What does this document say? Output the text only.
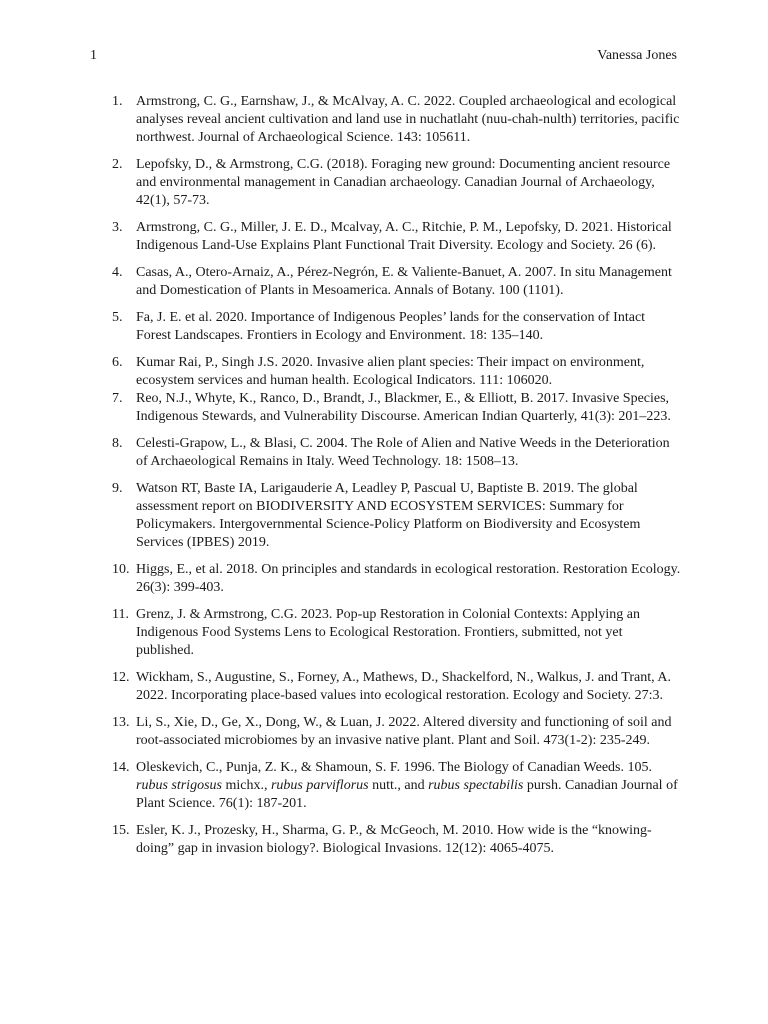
1	Vanessa Jones
1. Armstrong, C. G., Earnshaw, J., & McAlvay, A. C. 2022. Coupled archaeological and ecological analyses reveal ancient cultivation and land use in nuchatlaht (nuu-chah-nulth) territories, pacific northwest. Journal of Archaeological Science. 143: 105611.
2. Lepofsky, D., & Armstrong, C.G. (2018). Foraging new ground: Documenting ancient resource and environmental management in Canadian archaeology. Canadian Journal of Archaeology, 42(1), 57-73.
3. Armstrong, C. G., Miller, J. E. D., Mcalvay, A. C., Ritchie, P. M., Lepofsky, D. 2021. Historical Indigenous Land-Use Explains Plant Functional Trait Diversity. Ecology and Society. 26 (6).
4. Casas, A., Otero-Arnaiz, A., Pérez-Negrón, E. & Valiente-Banuet, A. 2007. In situ Management and Domestication of Plants in Mesoamerica. Annals of Botany. 100 (1101).
5. Fa, J. E. et al. 2020. Importance of Indigenous Peoples’ lands for the conservation of Intact Forest Landscapes. Frontiers in Ecology and Environment. 18: 135–140.
6. Kumar Rai, P., Singh J.S. 2020. Invasive alien plant species: Their impact on environment, ecosystem services and human health. Ecological Indicators. 111: 106020.
7. Reo, N.J., Whyte, K., Ranco, D., Brandt, J., Blackmer, E., & Elliott, B. 2017. Invasive Species, Indigenous Stewards, and Vulnerability Discourse. American Indian Quarterly, 41(3): 201–223.
8. Celesti-Grapow, L., & Blasi, C. 2004. The Role of Alien and Native Weeds in the Deterioration of Archaeological Remains in Italy. Weed Technology. 18: 1508–13.
9. Watson RT, Baste IA, Larigauderie A, Leadley P, Pascual U, Baptiste B. 2019. The global assessment report on BIODIVERSITY AND ECOSYSTEM SERVICES: Summary for Policymakers. Intergovernmental Science-Policy Platform on Biodiversity and Ecosystem Services (IPBES) 2019.
10. Higgs, E., et al. 2018. On principles and standards in ecological restoration. Restoration Ecology. 26(3): 399-403.
11. Grenz, J. & Armstrong, C.G. 2023. Pop-up Restoration in Colonial Contexts: Applying an Indigenous Food Systems Lens to Ecological Restoration. Frontiers, submitted, not yet published.
12. Wickham, S., Augustine, S., Forney, A., Mathews, D., Shackelford, N., Walkus, J. and Trant, A. 2022. Incorporating place-based values into ecological restoration. Ecology and Society. 27:3.
13. Li, S., Xie, D., Ge, X., Dong, W., & Luan, J. 2022. Altered diversity and functioning of soil and root-associated microbiomes by an invasive native plant. Plant and Soil. 473(1-2): 235-249.
14. Oleskevich, C., Punja, Z. K., & Shamoun, S. F. 1996. The Biology of Canadian Weeds. 105. rubus strigosus michx., rubus parviflorus nutt., and rubus spectabilis pursh. Canadian Journal of Plant Science. 76(1): 187-201.
15. Esler, K. J., Prozesky, H., Sharma, G. P., & McGeoch, M. 2010. How wide is the “knowing-doing” gap in invasion biology?. Biological Invasions. 12(12): 4065-4075.
